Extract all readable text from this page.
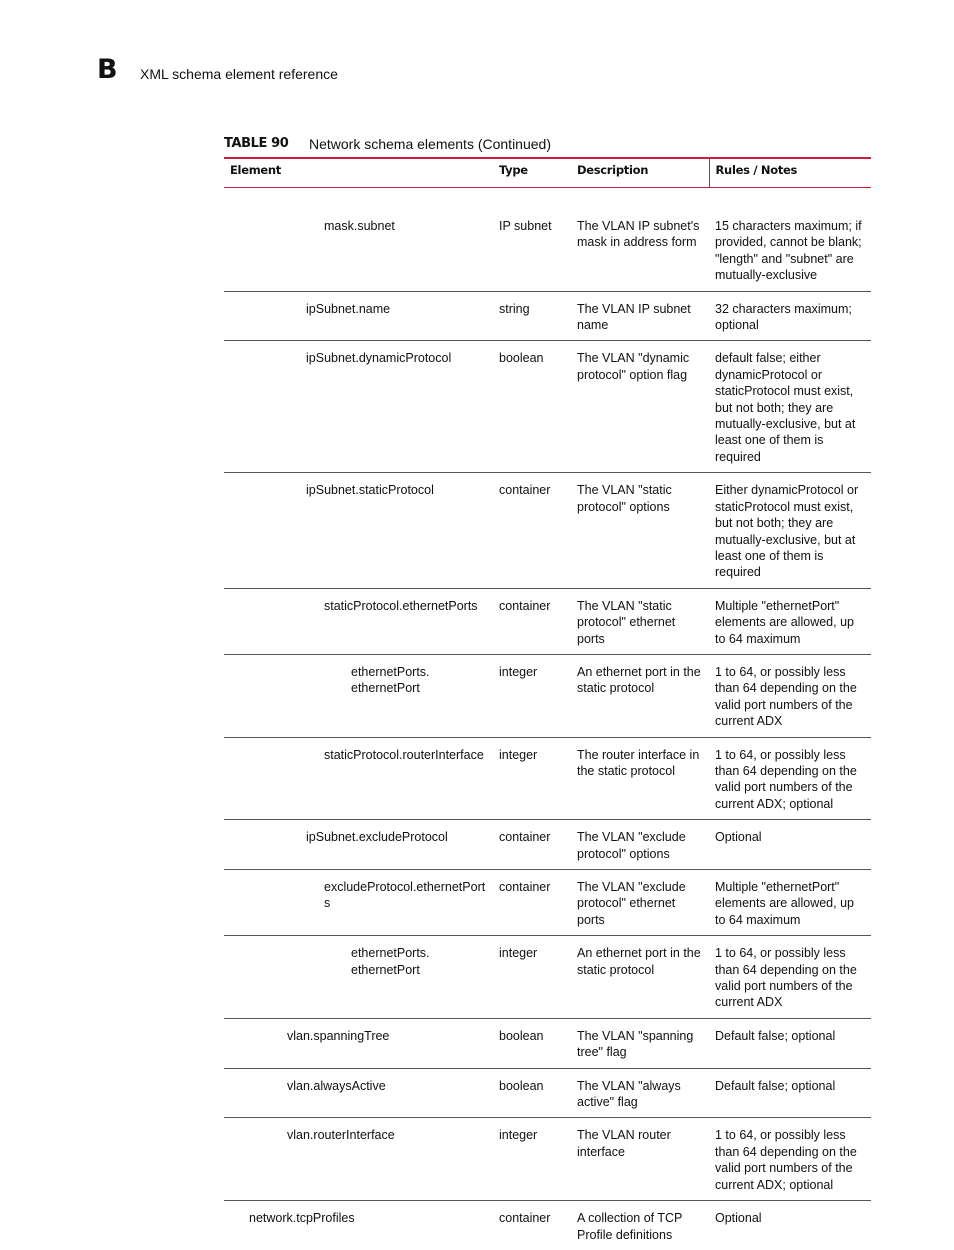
B XML schema element reference
TABLE 90 Network schema elements (Continued)
Element	Type	Description	Rules / Notes
mask.subnet	IP subnet	The VLAN IP subnet's mask in address form	15 characters maximum; if provided, cannot be blank; "length" and "subnet" are mutually-exclusive
ipSubnet.name	string	The VLAN IP subnet name	32 characters maximum; optional
ipSubnet.dynamicProtocol	boolean	The VLAN "dynamic protocol" option flag	default false; either dynamicProtocol or staticProtocol must exist, but not both; they are mutually-exclusive, but at least one of them is required
ipSubnet.staticProtocol	container	The VLAN "static protocol" options	Either dynamicProtocol or staticProtocol must exist, but not both; they are mutually-exclusive, but at least one of them is required
staticProtocol.ethernetPorts	container	The VLAN "static protocol" ethernet ports	Multiple "ethernetPort" elements are allowed, up to 64 maximum
ethernetPorts. ethernetPort	integer	An ethernet port in the static protocol	1 to 64, or possibly less than 64 depending on the valid port numbers of the current ADX
staticProtocol.routerInterface	integer	The router interface in the static protocol	1 to 64, or possibly less than 64 depending on the valid port numbers of the current ADX; optional
ipSubnet.excludeProtocol	container	The VLAN "exclude protocol" options	Optional
excludeProtocol.ethernetPorts	container	The VLAN "exclude protocol" ethernet ports	Multiple "ethernetPort" elements are allowed, up to 64 maximum
ethernetPorts. ethernetPort	integer	An ethernet port in the static protocol	1 to 64, or possibly less than 64 depending on the valid port numbers of the current ADX
vlan.spanningTree	boolean	The VLAN "spanning tree" flag	Default false; optional
vlan.alwaysActive	boolean	The VLAN "always active" flag	Default false; optional
vlan.routerInterface	integer	The VLAN router interface	1 to 64, or possibly less than 64 depending on the valid port numbers of the current ADX; optional
network.tcpProfiles	container	A collection of TCP Profile definitions	Optional
